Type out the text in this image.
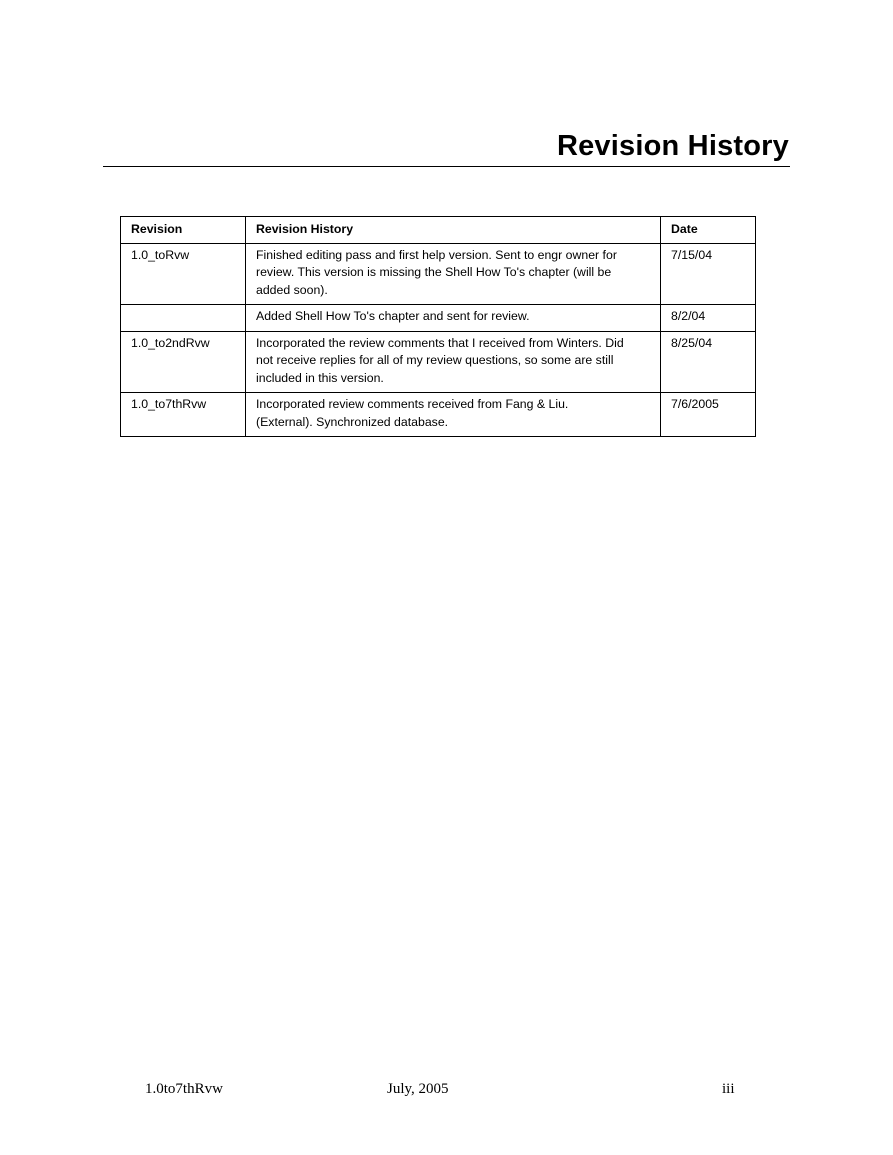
Revision History
Revision	Revision History	Date
1.0_toRvw	Finished editing pass and first help version. Sent to engr owner for
review. This version is missing the Shell How To's chapter (will be
added soon).	7/15/04
	Added Shell How To's chapter and sent for review.	8/2/04
1.0_to2ndRvw	Incorporated the review comments that I received from Winters. Did
not receive replies for all of my review questions, so some are still
included in this version.	8/25/04
1.0_to7thRvw	Incorporated review comments received from Fang & Liu.
(External). Synchronized database.	7/6/2005
1.0to7thRvw	July, 2005	iii
